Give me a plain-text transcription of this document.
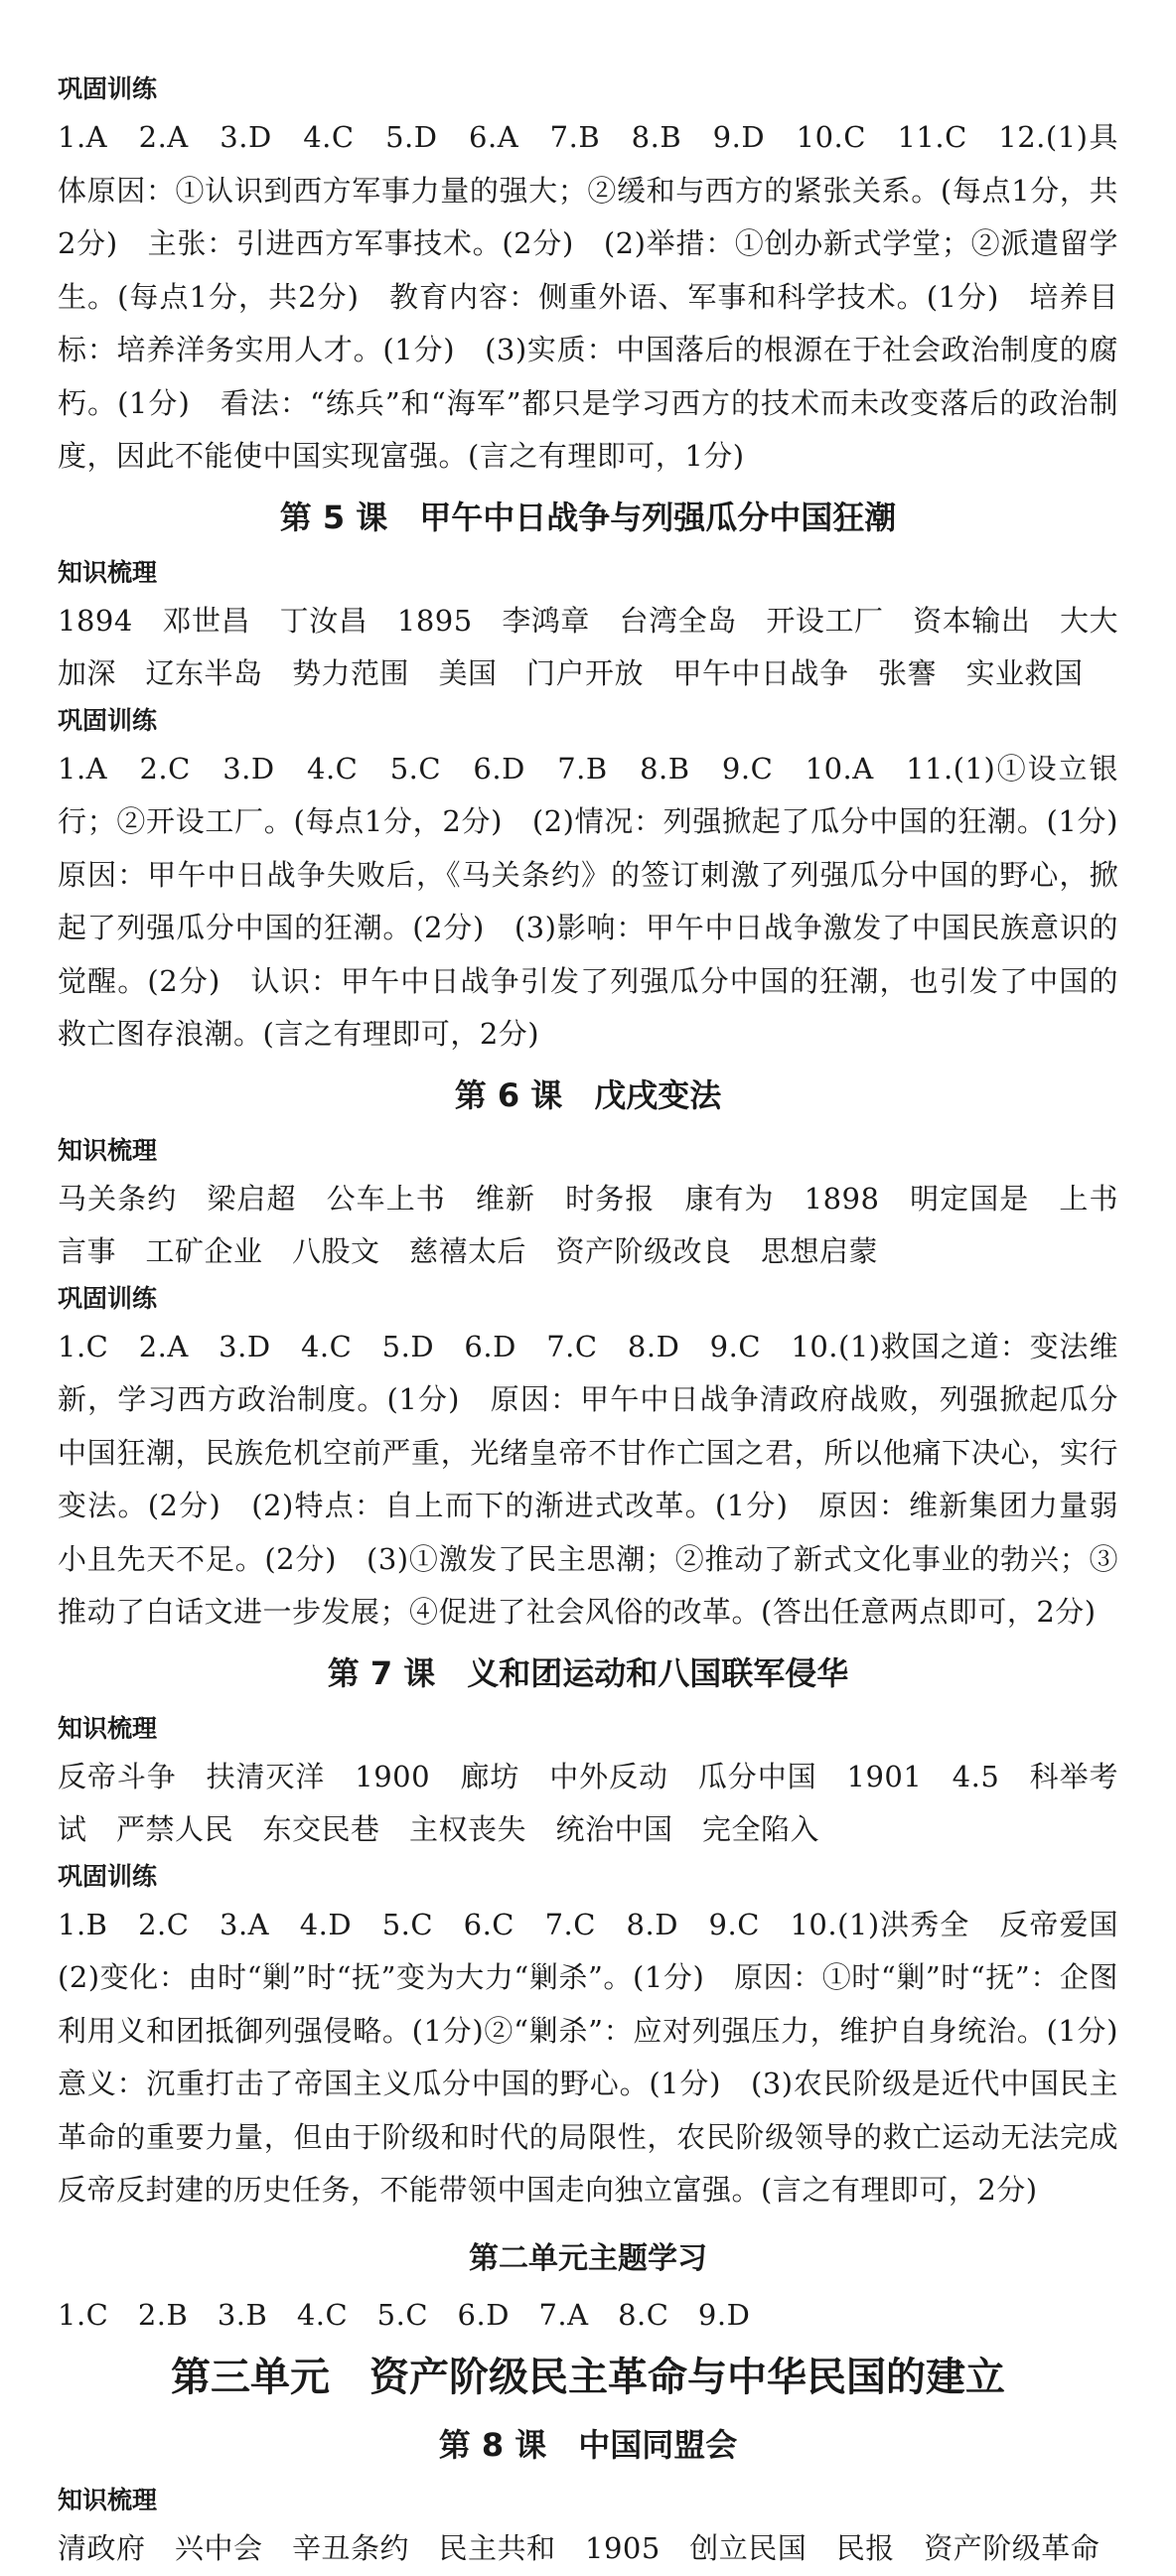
巩固训练

1.A　2.A　3.D　4.C　5.D　6.A　7.B　8.B　9.D　10.C　11.C　12.(1)具体原因：①认识到西方军事力量的强大；②缓和与西方的紧张关系。(每点1分，共2分)　主张：引进西方军事技术。(2分)　(2)举措：①创办新式学堂；②派遣留学生。(每点1分，共2分)　教育内容：侧重外语、军事和科学技术。(1分)　培养目标：培养洋务实用人才。(1分)　(3)实质：中国落后的根源在于社会政治制度的腐朽。(1分)　看法：“练兵”和“海军”都只是学习西方的技术而未改变落后的政治制度，因此不能使中国实现富强。(言之有理即可，1分)

第 5 课　甲午中日战争与列强瓜分中国狂潮
知识梳理

1894　邓世昌　丁汝昌　1895　李鸿章　台湾全岛　开设工厂　资本输出　大大加深　辽东半岛　势力范围　美国　门户开放　甲午中日战争　张謇　实业救国

巩固训练

1.A　2.C　3.D　4.C　5.C　6.D　7.B　8.B　9.C　10.A　11.(1)①设立银行；②开设工厂。(每点1分，2分)　(2)情况：列强掀起了瓜分中国的狂潮。(1分)　原因：甲午中日战争失败后，《马关条约》的签订刺激了列强瓜分中国的野心，掀起了列强瓜分中国的狂潮。(2分)　(3)影响：甲午中日战争激发了中国民族意识的觉醒。(2分)　认识：甲午中日战争引发了列强瓜分中国的狂潮，也引发了中国的救亡图存浪潮。(言之有理即可，2分)

第 6 课　戊戌变法
知识梳理

马关条约　梁启超　公车上书　维新　时务报　康有为　1898　明定国是　上书言事　工矿企业　八股文　慈禧太后　资产阶级改良　思想启蒙

巩固训练

1.C　2.A　3.D　4.C　5.D　6.D　7.C　8.D　9.C　10.(1)救国之道：变法维新，学习西方政治制度。(1分)　原因：甲午中日战争清政府战败，列强掀起瓜分中国狂潮，民族危机空前严重，光绪皇帝不甘作亡国之君，所以他痛下决心，实行变法。(2分)　(2)特点：自上而下的渐进式改革。(1分)　原因：维新集团力量弱小且先天不足。(2分)　(3)①激发了民主思潮；②推动了新式文化事业的勃兴；③推动了白话文进一步发展；④促进了社会风俗的改革。(答出任意两点即可，2分)

第 7 课　义和团运动和八国联军侵华
知识梳理

反帝斗争　扶清灭洋　1900　廊坊　中外反动　瓜分中国　1901　4.5　科举考试　严禁人民　东交民巷　主权丧失　统治中国　完全陷入

巩固训练

1.B　2.C　3.A　4.D　5.C　6.C　7.C　8.D　9.C　10.(1)洪秀全　反帝爱国　(2)变化：由时“剿”时“抚”变为大力“剿杀”。(1分)　原因：①时“剿”时“抚”：企图利用义和团抵御列强侵略。(1分)②“剿杀”：应对列强压力，维护自身统治。(1分)　意义：沉重打击了帝国主义瓜分中国的野心。(1分)　(3)农民阶级是近代中国民主革命的重要力量，但由于阶级和时代的局限性，农民阶级领导的救亡运动无法完成反帝反封建的历史任务，不能带领中国走向独立富强。(言之有理即可，2分)

第二单元主题学习

1.C　2.B　3.B　4.C　5.C　6.D　7.A　8.C　9.D

第三单元　资产阶级民主革命与中华民国的建立
第 8 课　中国同盟会
知识梳理

清政府　兴中会　辛丑条约　民主共和　1905　创立民国　民报　资产阶级革命
